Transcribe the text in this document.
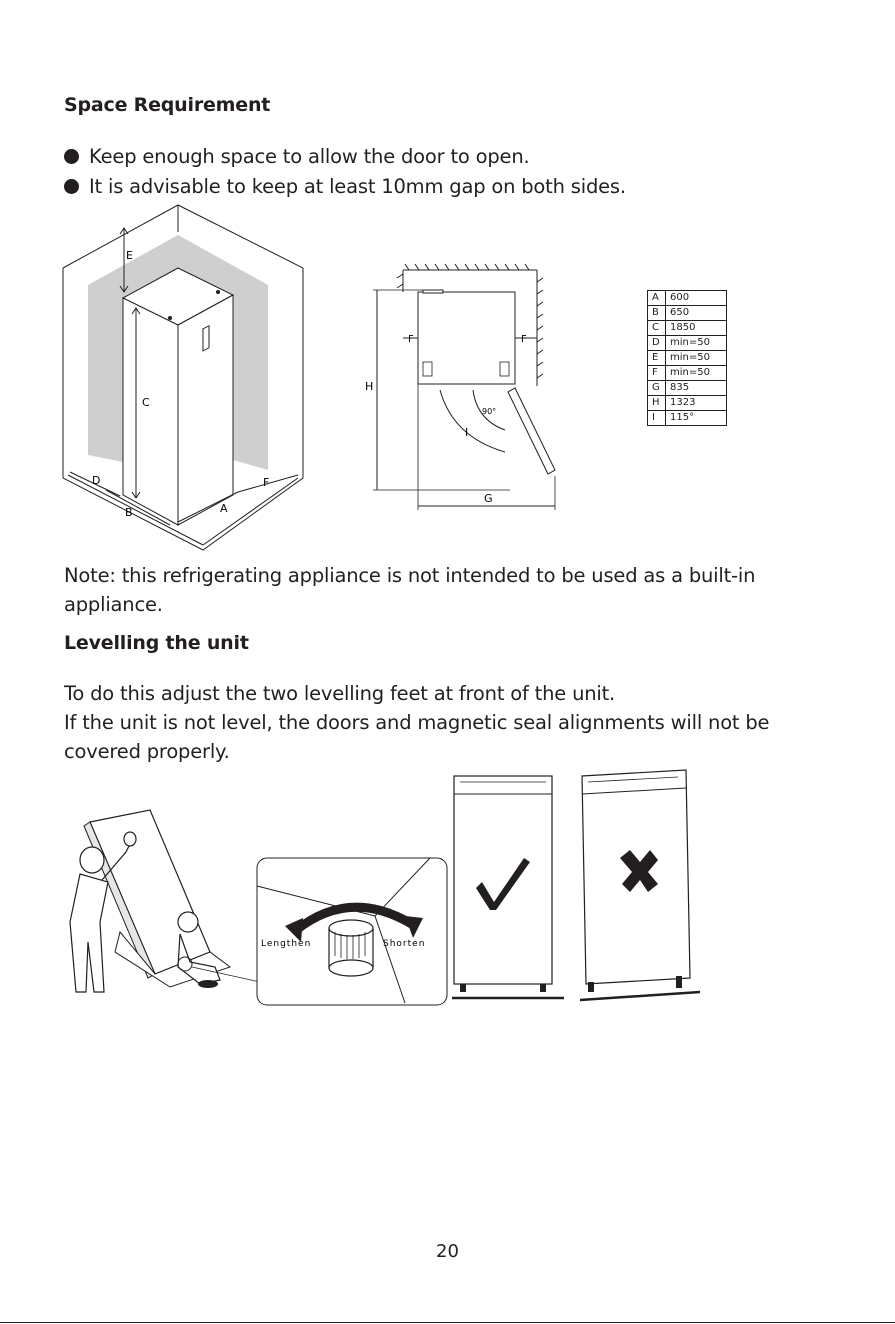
Space Requirement
Keep enough space to allow the door to open.
It is advisable to keep at least 10mm gap on both sides.
E
C
D
B	A
F
F	F
H
90°
I
G
A	600
B	650
C	1850
D	min=50
E	min=50
F	min=50
G	835
H	1323
I	115°
Note: this refrigerating appliance is not intended to be used as a built-in appliance.
Levelling the unit
To do this adjust the two levelling feet at front of the unit.
If the unit is not level, the doors and magnetic seal alignments will not be covered properly.
Lengthen	Shorten
20
